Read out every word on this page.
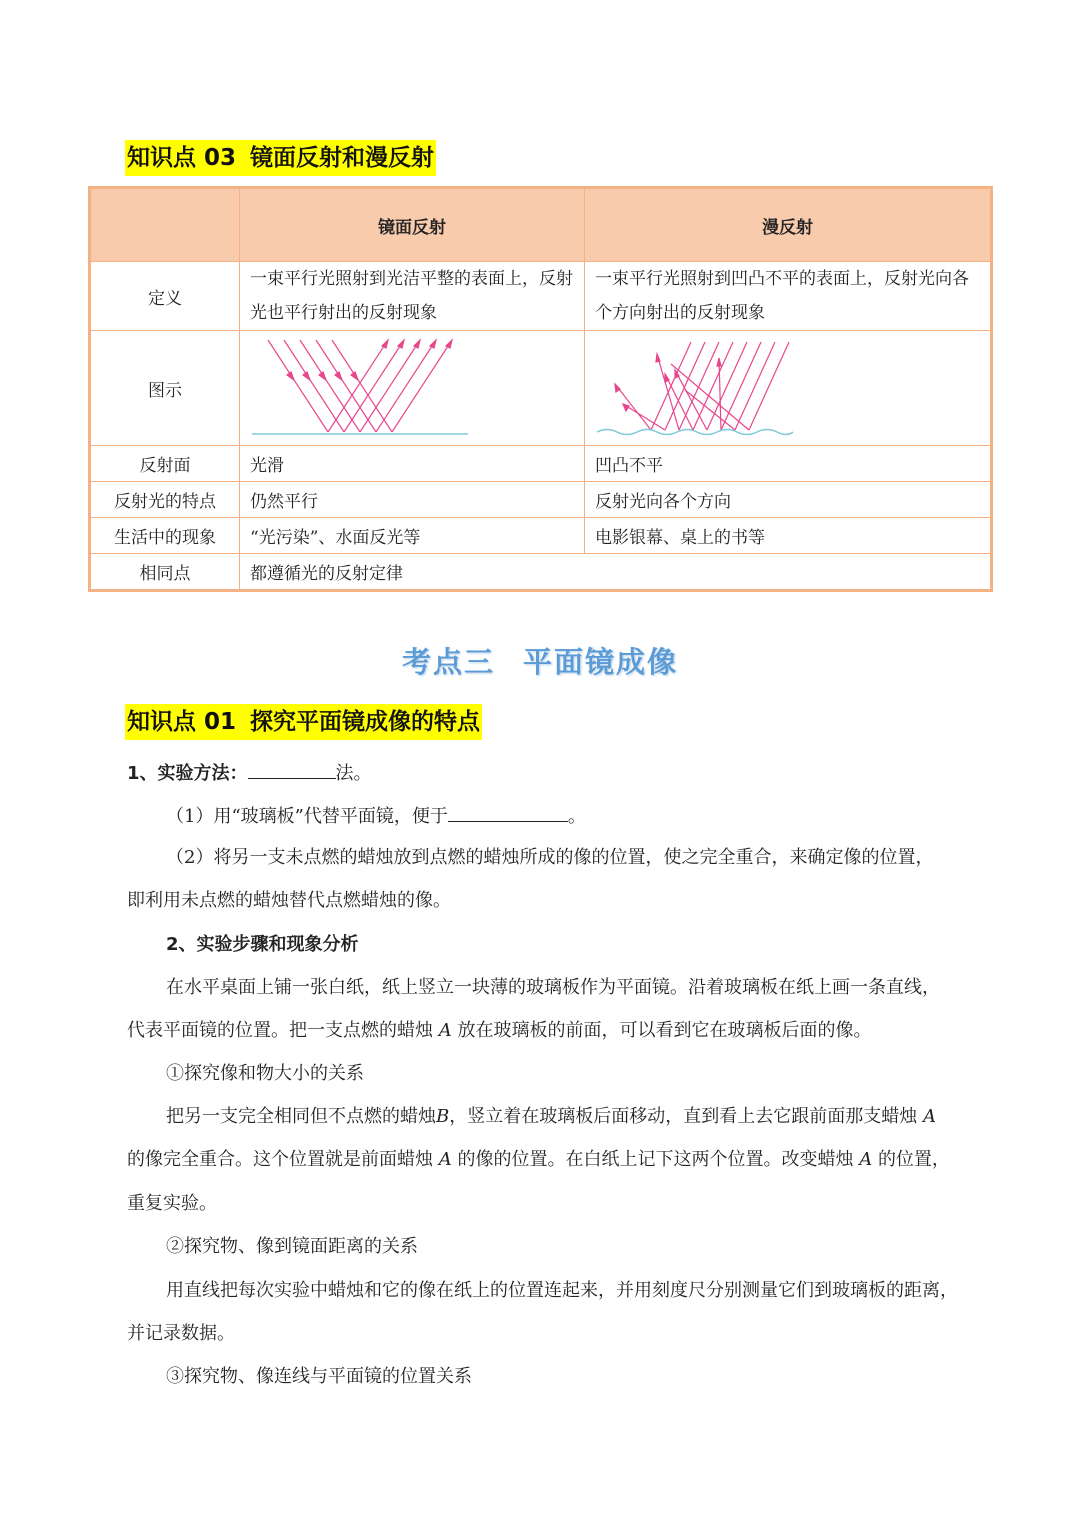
知识点 03 镜面反射和漫反射
	镜面反射	漫反射
定义	一束平行光照射到光洁平整的表面上，反射光也平行射出的反射现象	一束平行光照射到凹凸不平的表面上，反射光向各个方向射出的反射现象
图示		
反射面	光滑	凹凸不平
反射光的特点	仍然平行	反射光向各个方向
生活中的现象	“光污染”、水面反光等	电影银幕、桌上的书等
相同点	都遵循光的反射定律	
考点三 平面镜成像
知识点 01 探究平面镜成像的特点
1、实验方法：	法。
（1）用“玻璃板”代替平面镜，便于	。
（2）将另一支未点燃的蜡烛放到点燃的蜡烛所成的像的位置，使之完全重合，来确定像的位置，
即利用未点燃的蜡烛替代点燃蜡烛的像。
2、实验步骤和现象分析
在水平桌面上铺一张白纸，纸上竖立一块薄的玻璃板作为平面镜。沿着玻璃板在纸上画一条直线，
代表平面镜的位置。把一支点燃的蜡烛 A 放在玻璃板的前面，可以看到它在玻璃板后面的像。
①探究像和物大小的关系
把另一支完全相同但不点燃的蜡烛B，竖立着在玻璃板后面移动，直到看上去它跟前面那支蜡烛 A
的像完全重合。这个位置就是前面蜡烛 A 的像的位置。在白纸上记下这两个位置。改变蜡烛 A 的位置，
重复实验。
②探究物、像到镜面距离的关系
用直线把每次实验中蜡烛和它的像在纸上的位置连起来，并用刻度尺分别测量它们到玻璃板的距离，
并记录数据。
③探究物、像连线与平面镜的位置关系
